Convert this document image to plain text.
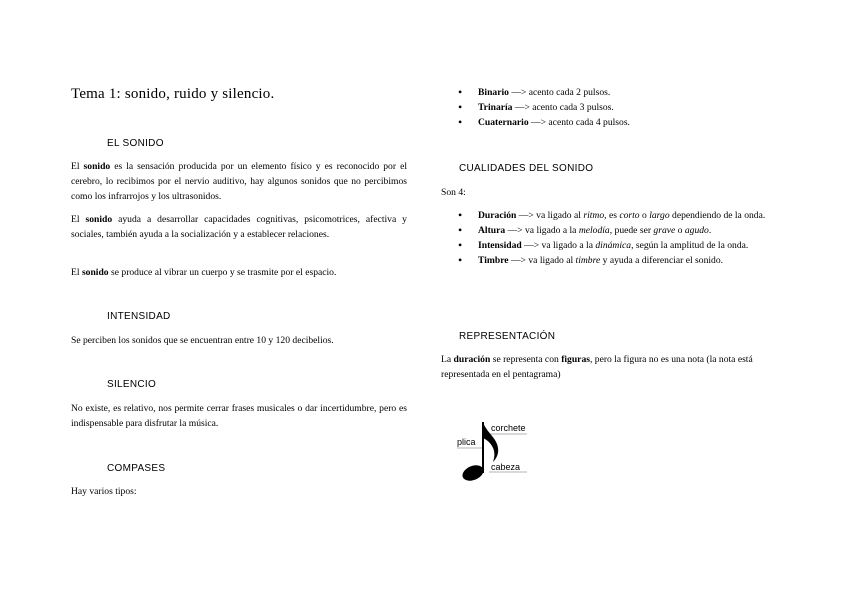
Tema 1: sonido, ruido y silencio.
EL SONIDO

El sonido es la sensación producida por un elemento físico y es reconocido por el cerebro, lo recibimos por el nervio auditivo, hay algunos sonidos que no percibimos como los infrarrojos y los ultrasonidos.

El sonido ayuda a desarrollar capacidades cognitivas, psicomotrices, afectiva y sociales, también ayuda a la socialización y a establecer relaciones.

El sonido se produce al vibrar un cuerpo y se trasmite por el espacio.

INTENSIDAD

Se perciben los sonidos que se encuentran entre 10 y 120 decibelios.

SILENCIO

No existe, es relativo, nos permite cerrar frases musicales o dar incertidumbre, pero es indispensable para disfrutar la música.

COMPASES

Hay varios tipos:

• Binario —> acento cada 2 pulsos.
• Trinaría —> acento cada 3 pulsos.
• Cuaternario —> acento cada 4 pulsos.
CUALIDADES DEL SONIDO

Son 4:

• Duración —> va ligado al ritmo, es corto o largo dependiendo de la onda.
• Altura —> va ligado a la melodía, puede ser grave o agudo.
• Intensidad —> va ligado a la dinámica, según la amplitud de la onda.
• Timbre —> va ligado al timbre y ayuda a diferenciar el sonido.
REPRESENTACIÓN

La duración se representa con figuras, pero la figura no es una nota (la nota está representada en el pentagrama)

plica
corchete
cabeza
